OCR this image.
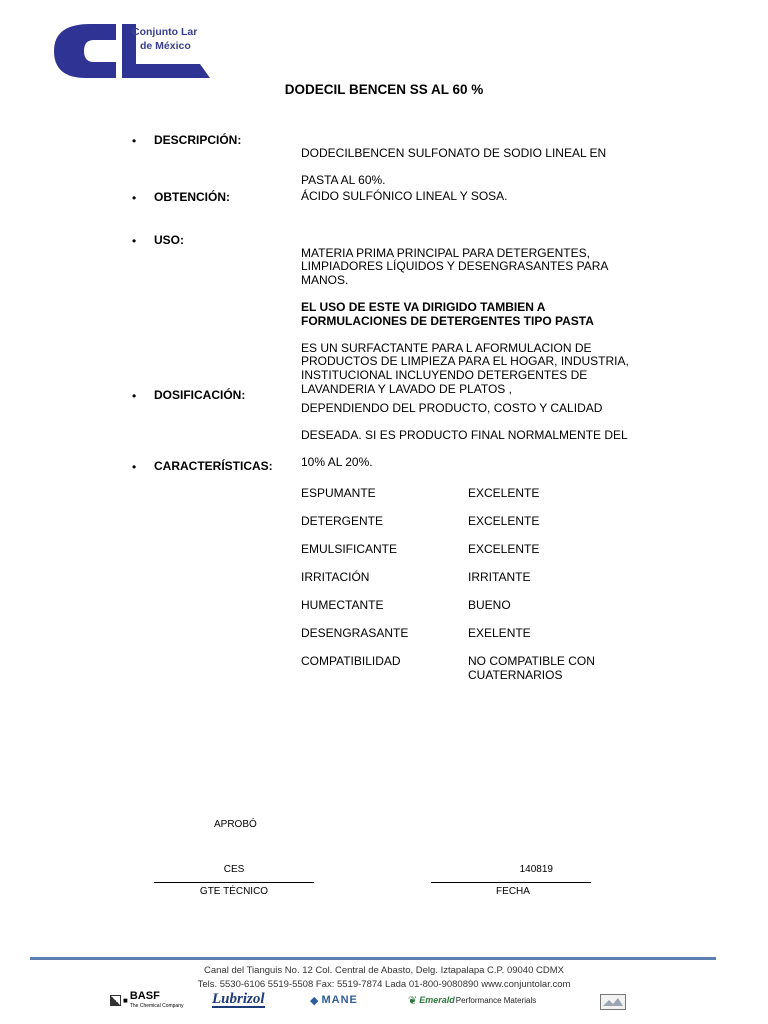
Conjunto Lar
de México
DODECIL BENCEN SS AL 60 %
• DESCRIPCIÓN:

DODECILBENCEN SULFONATO DE SODIO LINEAL EN

PASTA AL 60%.

• OBTENCIÓN:	ÁCIDO SULFÓNICO LINEAL Y SOSA.
• USO:

MATERIA PRIMA PRINCIPAL PARA DETERGENTES,
LIMPIADORES LÍQUIDOS Y DESENGRASANTES PARA
MANOS.

EL USO DE ESTE VA DIRIGIDO TAMBIEN A
FORMULACIONES DE DETERGENTES TIPO PASTA

ES UN SURFACTANTE PARA L AFORMULACION DE
PRODUCTOS DE LIMPIEZA PARA EL HOGAR, INDUSTRIA,
INSTITUCIONAL INCLUYENDO DETERGENTES DE
LAVANDERIA Y LAVADO DE PLATOS ,

• DOSIFICACIÓN:

DEPENDIENDO DEL PRODUCTO, COSTO Y CALIDAD

DESEADA. SI ES PRODUCTO FINAL NORMALMENTE DEL

10% AL 20%.

• CARACTERÍSTICAS:
ESPUMANTE	EXCELENTE
DETERGENTE	EXCELENTE
EMULSIFICANTE	EXCELENTE
IRRITACIÓN	IRRITANTE
HUMECTANTE	BUENO
DESENGRASANTE	EXELENTE
COMPATIBILIDAD	NO COMPATIBLE CON
CUATERNARIOS
APROBÓ
CES
GTE TÉCNICO
140819
FECHA
Canal del Tianguis No. 12 Col. Central de Abasto, Delg. Iztapalapa C.P. 09040 CDMX
Tels. 5530-6106 5519-5508 Fax: 5519-7874 Lada 01-800-9080890 www.conjuntolar.com
■ BASF
The Chemical Company Lubrizol	◆ MANE	❦ Emerald Performance Materials
